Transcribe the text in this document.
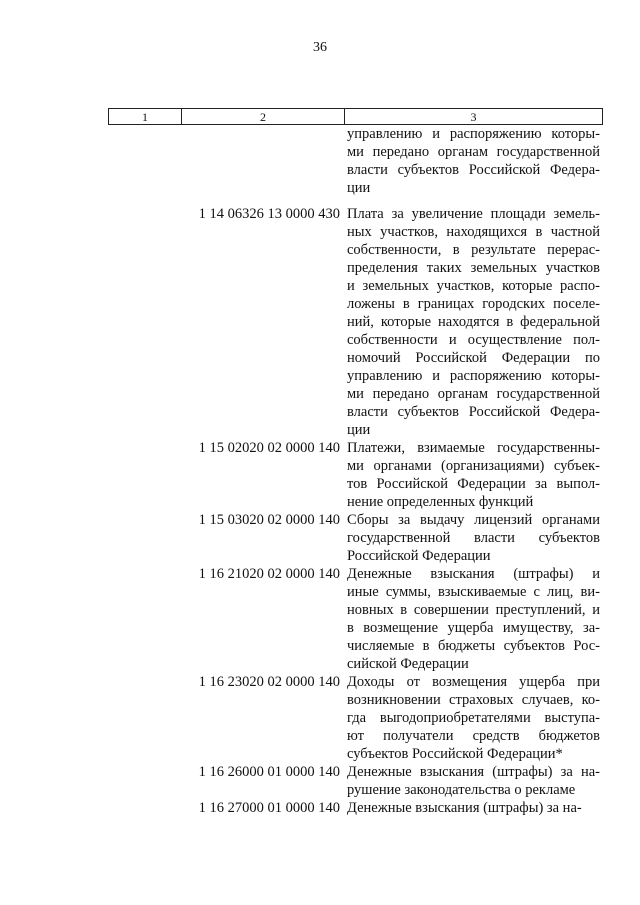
36
1	2	3
управлению и распоряжению которы-
ми передано органам государственной
власти субъектов Российской Федера-
ции
1 14 06326 13 0000 430 Плата за увеличение площади земель-
ных участков, находящихся в частной
собственности, в результате перерас-
пределения таких земельных участков
и земельных участков, которые распо-
ложены в границах городских поселе-
ний, которые находятся в федеральной
собственности и осуществление пол-
номочий Российской Федерации по
управлению и распоряжению которы-
ми передано органам государственной
власти субъектов Российской Федера-
ции
1 15 02020 02 0000 140 Платежи, взимаемые государственны-
ми органами (организациями) субъек-
тов Российской Федерации за выпол-
нение определенных функций
1 15 03020 02 0000 140 Сборы за выдачу лицензий органами
государственной власти субъектов
Российской Федерации
1 16 21020 02 0000 140 Денежные взыскания (штрафы) и
иные суммы, взыскиваемые с лиц, ви-
новных в совершении преступлений, и
в возмещение ущерба имуществу, за-
числяемые в бюджеты субъектов Рос-
сийской Федерации
1 16 23020 02 0000 140 Доходы от возмещения ущерба при
возникновении страховых случаев, ко-
гда выгодоприобретателями выступа-
ют получатели средств бюджетов
субъектов Российской Федерации*
1 16 26000 01 0000 140 Денежные взыскания (штрафы) за на-
рушение законодательства о рекламе
1 16 27000 01 0000 140 Денежные взыскания (штрафы) за на-
